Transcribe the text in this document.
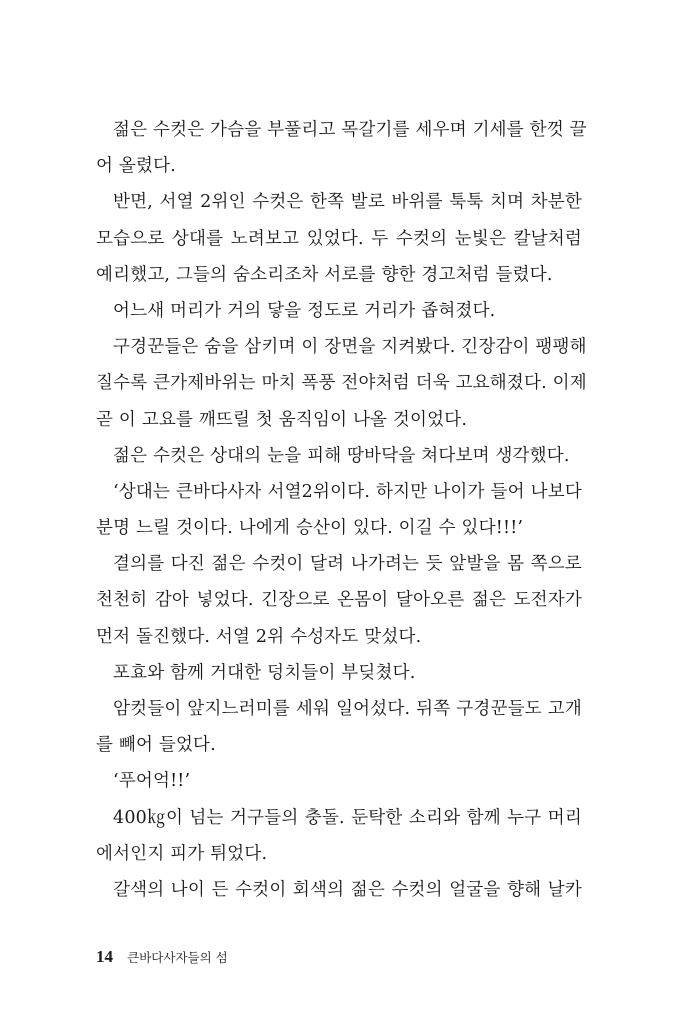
젊은 수컷은 가슴을 부풀리고 목갈기를 세우며 기세를 한껏 끌
어 올렸다.
반면, 서열 2위인 수컷은 한쪽 발로 바위를 툭툭 치며 차분한
모습으로 상대를 노려보고 있었다. 두 수컷의 눈빛은 칼날처럼
예리했고, 그들의 숨소리조차 서로를 향한 경고처럼 들렸다.
어느새 머리가 거의 닿을 정도로 거리가 좁혀졌다.
구경꾼들은 숨을 삼키며 이 장면을 지켜봤다. 긴장감이 팽팽해
질수록 큰가제바위는 마치 폭풍 전야처럼 더욱 고요해졌다. 이제
곧 이 고요를 깨뜨릴 첫 움직임이 나올 것이었다.
젊은 수컷은 상대의 눈을 피해 땅바닥을 쳐다보며 생각했다.
‘상대는 큰바다사자 서열2위이다. 하지만 나이가 들어 나보다
분명 느릴 것이다. 나에게 승산이 있다. 이길 수 있다!!!’
결의를 다진 젊은 수컷이 달려 나가려는 듯 앞발을 몸 쪽으로
천천히 감아 넣었다. 긴장으로 온몸이 달아오른 젊은 도전자가
먼저 돌진했다. 서열 2위 수성자도 맞섰다.
포효와 함께 거대한 덩치들이 부딪쳤다.
암컷들이 앞지느러미를 세워 일어섰다. 뒤쪽 구경꾼들도 고개
를 빼어 들었다.
‘푸어억!!’
400㎏이 넘는 거구들의 충돌. 둔탁한 소리와 함께 누구 머리
에서인지 피가 튀었다.
갈색의 나이 든 수컷이 회색의 젊은 수컷의 얼굴을 향해 날카
14 큰바다사자들의 섬
